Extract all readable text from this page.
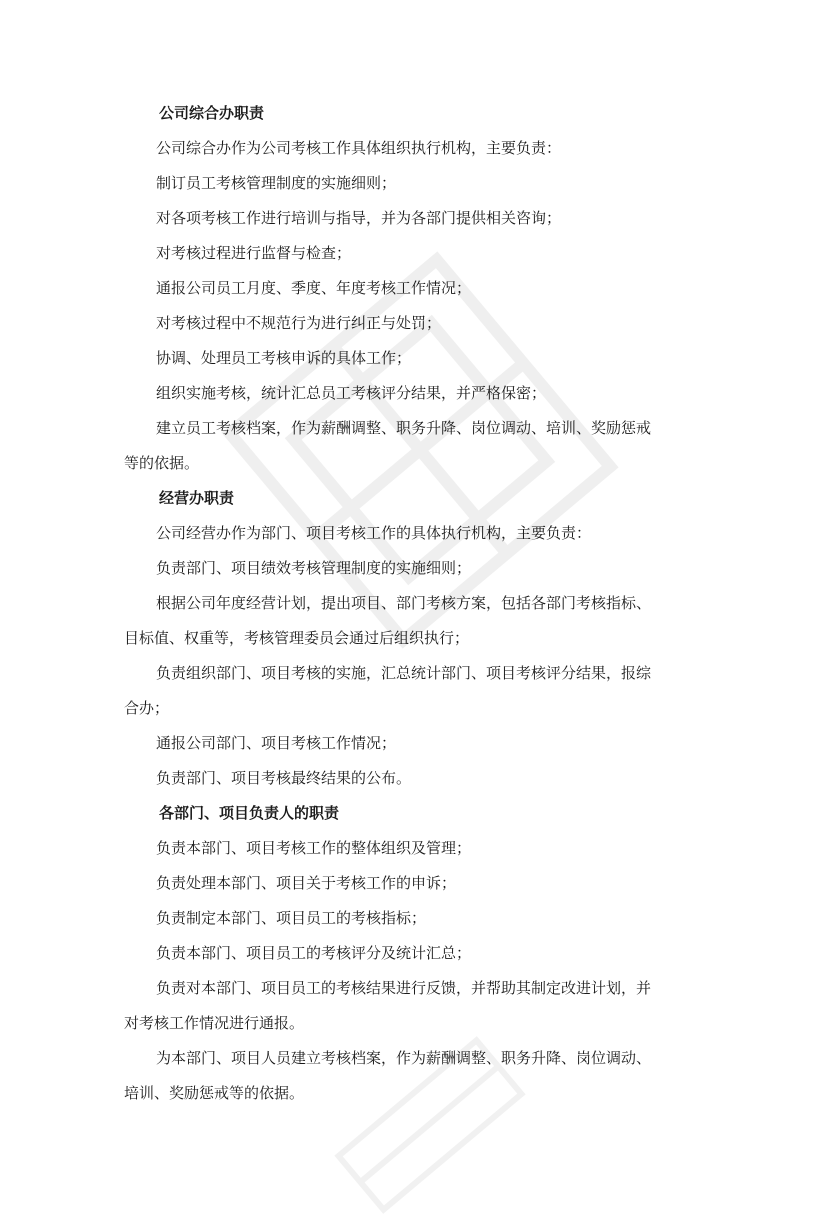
公司综合办职责
公司综合办作为公司考核工作具体组织执行机构，主要负责：
制订员工考核管理制度的实施细则；
对各项考核工作进行培训与指导，并为各部门提供相关咨询；
对考核过程进行监督与检查；
通报公司员工月度、季度、年度考核工作情况；
对考核过程中不规范行为进行纠正与处罚；
协调、处理员工考核申诉的具体工作；
组织实施考核，统计汇总员工考核评分结果，并严格保密；
建立员工考核档案，作为薪酬调整、职务升降、岗位调动、培训、奖励惩戒
等的依据。
经营办职责
公司经营办作为部门、项目考核工作的具体执行机构，主要负责：
负责部门、项目绩效考核管理制度的实施细则；
根据公司年度经营计划，提出项目、部门考核方案，包括各部门考核指标、
目标值、权重等，考核管理委员会通过后组织执行；
负责组织部门、项目考核的实施，汇总统计部门、项目考核评分结果，报综
合办；
通报公司部门、项目考核工作情况；
负责部门、项目考核最终结果的公布。
各部门、项目负责人的职责
负责本部门、项目考核工作的整体组织及管理；
负责处理本部门、项目关于考核工作的申诉；
负责制定本部门、项目员工的考核指标；
负责本部门、项目员工的考核评分及统计汇总；
负责对本部门、项目员工的考核结果进行反馈，并帮助其制定改进计划，并
对考核工作情况进行通报。
为本部门、项目人员建立考核档案，作为薪酬调整、职务升降、岗位调动、
培训、奖励惩戒等的依据。
